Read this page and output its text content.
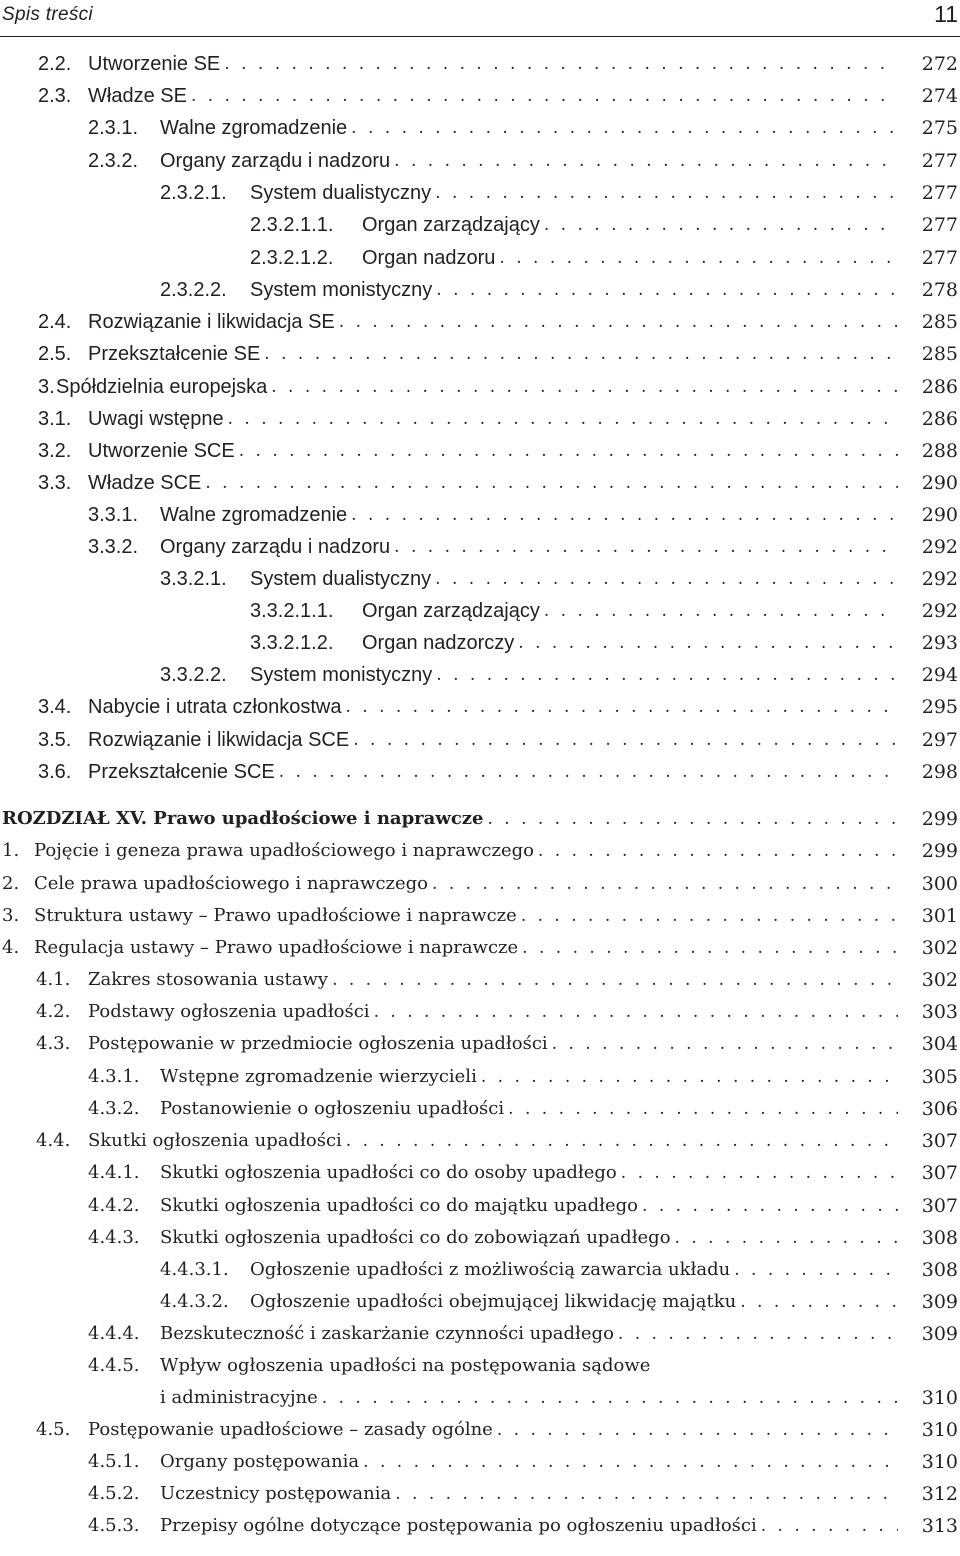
Spis treści	11
2.2. Utworzenie SE . . .	272
2.3. Władze SE . . .	274
2.3.1. Walne zgromadzenie . . .	275
2.3.2. Organy zarządu i nadzoru . . .	277
2.3.2.1. System dualistyczny . . .	277
2.3.2.1.1. Organ zarządzający . . .	277
2.3.2.1.2. Organ nadzoru . . .	277
2.3.2.2. System monistyczny . . .	278
2.4. Rozwiązanie i likwidacja SE . . .	285
2.5. Przekształcenie SE . . .	285
3. Spółdzielnia europejska . . .	286
3.1. Uwagi wstępne . . .	286
3.2. Utworzenie SCE . . .	288
3.3. Władze SCE . . .	290
3.3.1. Walne zgromadzenie . . .	290
3.3.2. Organy zarządu i nadzoru . . .	292
3.3.2.1. System dualistyczny . . .	292
3.3.2.1.1. Organ zarządzający . . .	292
3.3.2.1.2. Organ nadzorczy . . .	293
3.3.2.2. System monistyczny . . .	294
3.4. Nabycie i utrata członkostwa . . .	295
3.5. Rozwiązanie i likwidacja SCE . . .	297
3.6. Przekształcenie SCE . . .	298
ROZDZIAŁ XV. Prawo upadłościowe i naprawcze . . .	299
1. Pojęcie i geneza prawa upadłościowego i naprawczego . . .	299
2. Cele prawa upadłościowego i naprawczego . . .	300
3. Struktura ustawy – Prawo upadłościowe i naprawcze . . .	301
4. Regulacja ustawy – Prawo upadłościowe i naprawcze . . .	302
4.1. Zakres stosowania ustawy . . .	302
4.2. Podstawy ogłoszenia upadłości . . .	303
4.3. Postępowanie w przedmiocie ogłoszenia upadłości . . .	304
4.3.1. Wstępne zgromadzenie wierzycieli . . .	305
4.3.2. Postanowienie o ogłoszeniu upadłości . . .	306
4.4. Skutki ogłoszenia upadłości . . .	307
4.4.1. Skutki ogłoszenia upadłości co do osoby upadłego . . .	307
4.4.2. Skutki ogłoszenia upadłości co do majątku upadłego . . .	307
4.4.3. Skutki ogłoszenia upadłości co do zobowiązań upadłego . . .	308
4.4.3.1. Ogłoszenie upadłości z możliwością zawarcia układu . . .	308
4.4.3.2. Ogłoszenie upadłości obejmującej likwidację majątku . . .	309
4.4.4. Bezskuteczność i zaskarżanie czynności upadłego . . .	309
4.4.5. Wpływ ogłoszenia upadłości na postępowania sądowe
i administracyjne . . .	310
4.5. Postępowanie upadłościowe – zasady ogólne . . .	310
4.5.1. Organy postępowania . . .	310
4.5.2. Uczestnicy postępowania . . .	312
4.5.3. Przepisy ogólne dotyczące postępowania po ogłoszeniu upadłości . . .	313
